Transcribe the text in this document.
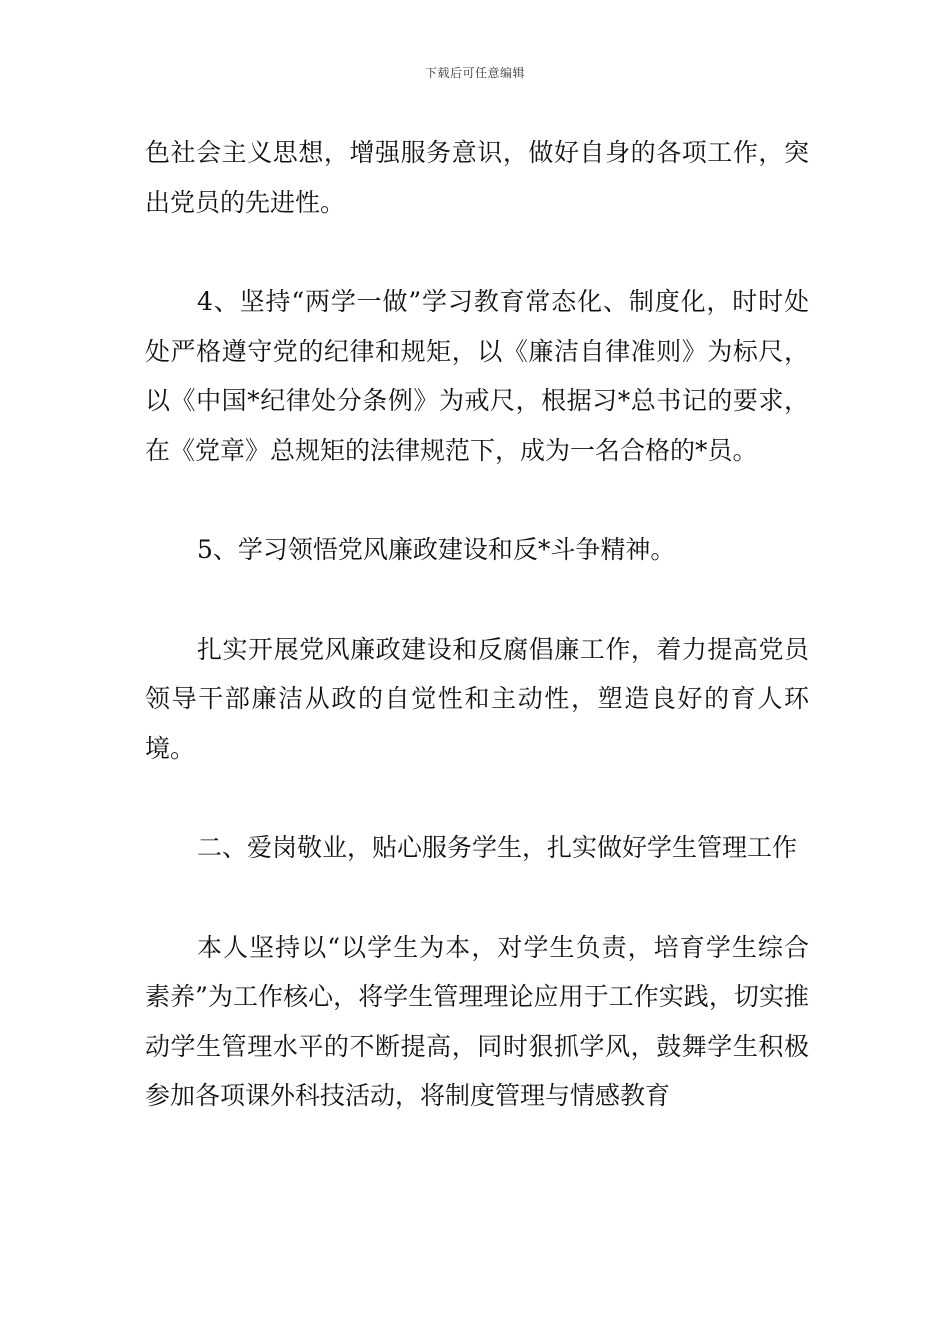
下载后可任意编辑

色社会主义思想，增强服务意识，做好自身的各项工作，突出党员的先进性。

4、坚持“两学一做”学习教育常态化、制度化，时时处处严格遵守党的纪律和规矩，以《廉洁自律准则》为标尺，以《中国*纪律处分条例》为戒尺，根据习*总书记的要求，在《党章》总规矩的法律规范下，成为一名合格的*员。

5、学习领悟党风廉政建设和反*斗争精神。

扎实开展党风廉政建设和反腐倡廉工作，着力提高党员领导干部廉洁从政的自觉性和主动性，塑造良好的育人环境。

二、爱岗敬业，贴心服务学生，扎实做好学生管理工作

本人坚持以“以学生为本，对学生负责，培育学生综合素养”为工作核心，将学生管理理论应用于工作实践，切实推动学生管理水平的不断提高，同时狠抓学风，鼓舞学生积极参加各项课外科技活动，将制度管理与情感教育
